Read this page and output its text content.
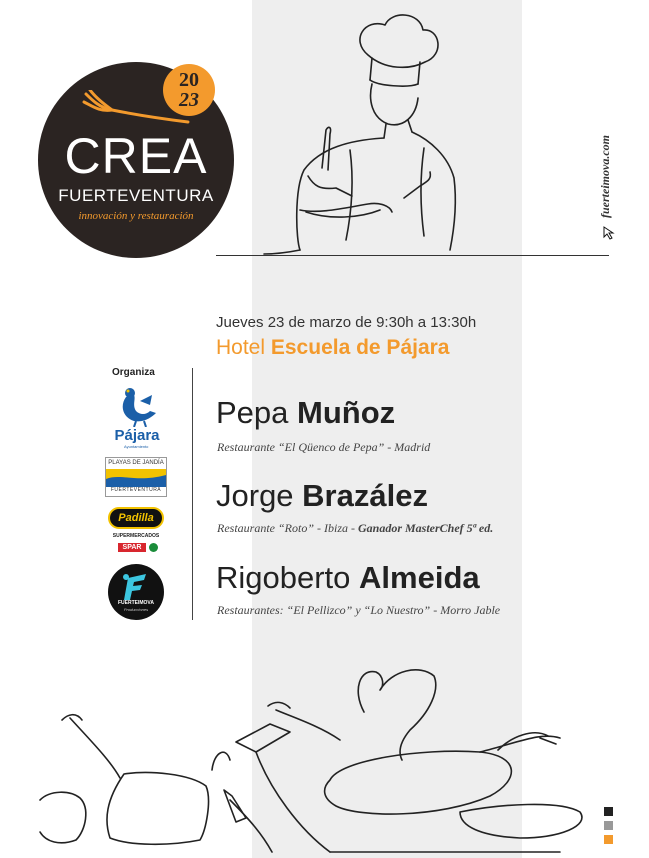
20
23
CREA
FUERTEVENTURA
innovación y restauración	fuerteimova.com
Jueves 23 de marzo de 9:30h a 13:30h
Hotel Escuela de Pájara
Organiza
Pájara
Ayuntamiento
PLAYAS DE JANDÍA
FUERTEVENTURA
Padilla
SUPERMERCADOS
SPAR
FUERTEIMOVA
Producciones
Pepa Muñoz
Restaurante “El Qüenco de Pepa” - Madrid
Jorge Brazález
Restaurante “Roto” - Ibiza - Ganador MasterChef 5ª ed.
Rigoberto Almeida
Restaurantes: “El Pellizco” y “Lo Nuestro” - Morro Jable
